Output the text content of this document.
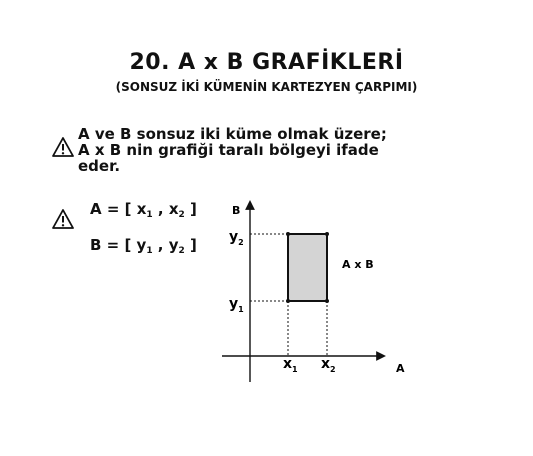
20. A x B GRAFİKLERİ
(SONSUZ İKİ KÜMENİN KARTEZYEN ÇARPIMI)
A ve B sonsuz iki küme olmak üzere;
A x B nin grafiği taralı bölgeyi ifade
eder.
A = [ $x_1$ , $x_2$ ]
B = [ $y_1$ , $y_2$ ]
B
A
A x B
$y_2$
$y_1$
$x_1$ $x_2$
